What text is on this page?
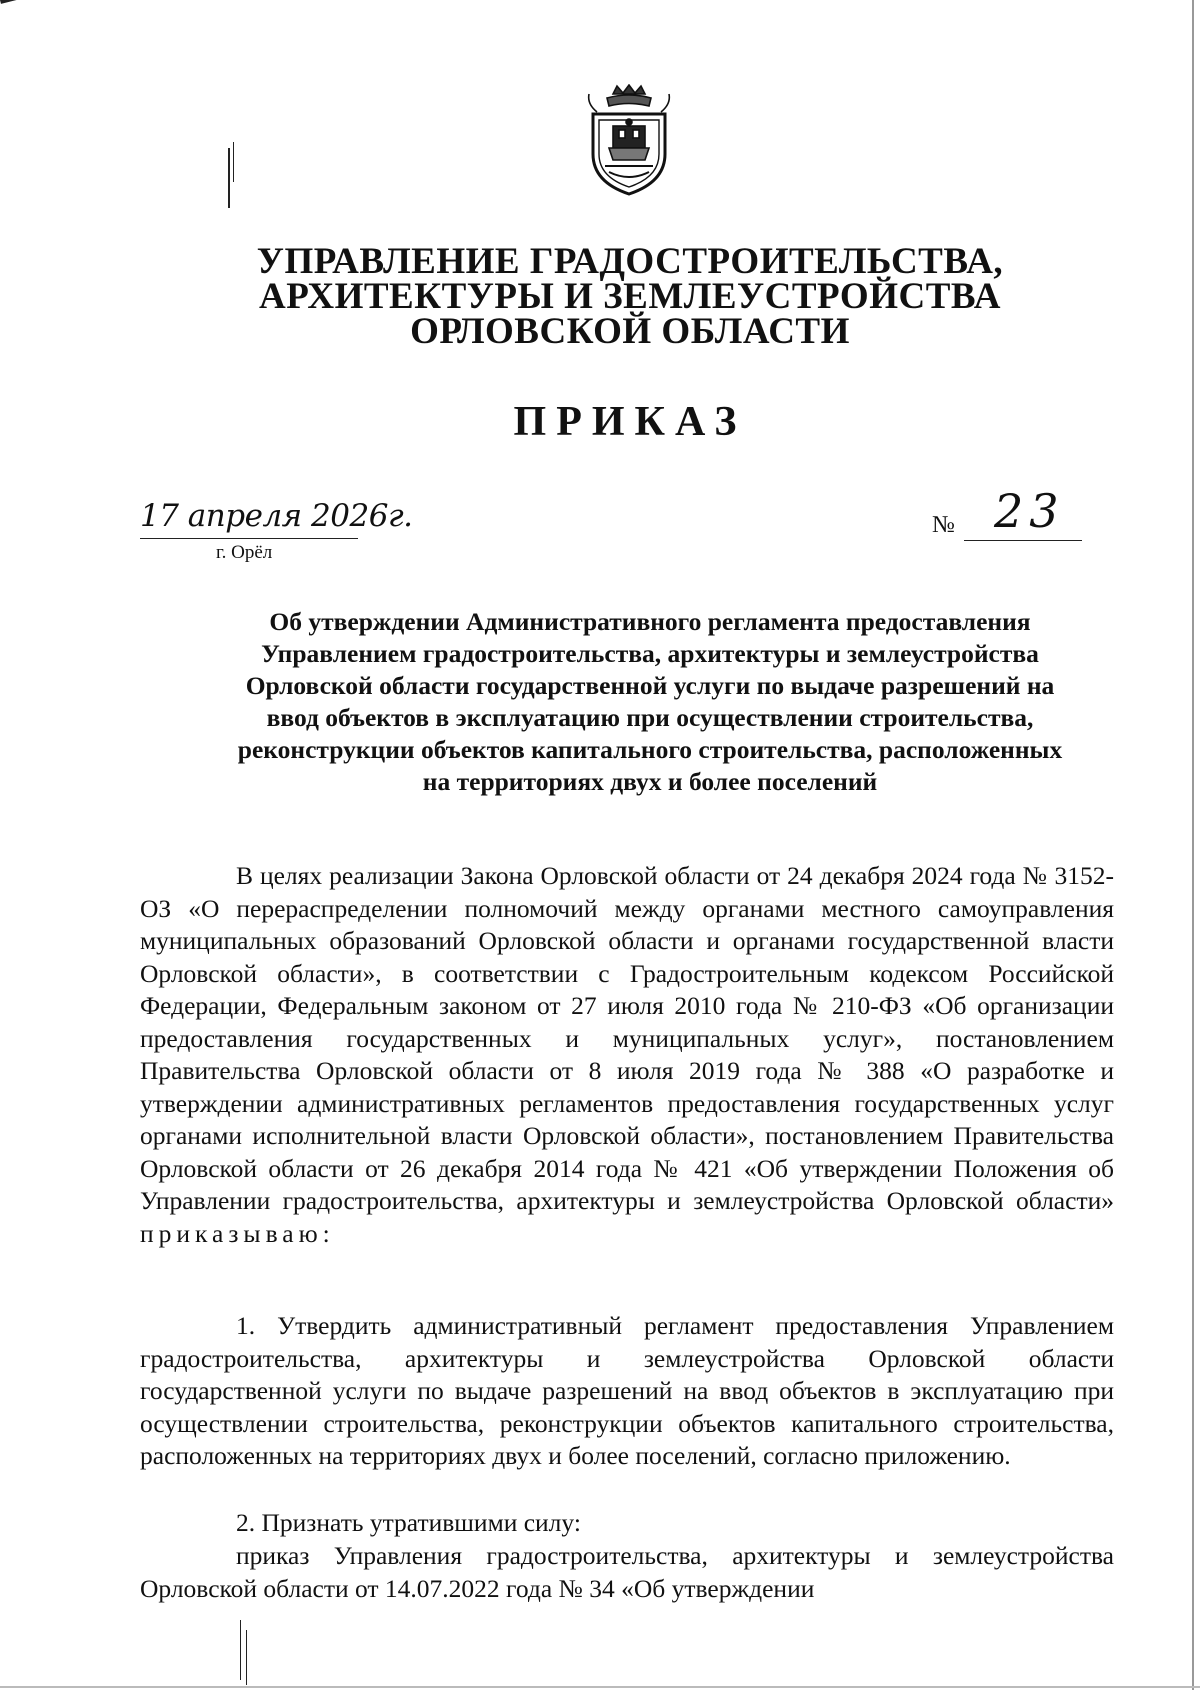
УПРАВЛЕНИЕ ГРАДОСТРОИТЕЛЬСТВА,
АРХИТЕКТУРЫ И ЗЕМЛЕУСТРОЙСТВА
ОРЛОВСКОЙ ОБЛАСТИ
ПРИКАЗ
17 апреля 2026г.
г. Орёл
№ 23
Об утверждении Административного регламента предоставления
Управлением градостроительства, архитектуры и землеустройства
Орловской области государственной услуги по выдаче разрешений на
ввод объектов в эксплуатацию при осуществлении строительства,
реконструкции объектов капитального строительства, расположенных
на территориях двух и более поселений
В целях реализации Закона Орловской области от 24 декабря 2024 года № 3152-ОЗ «О перераспределении полномочий между органами местного самоуправления муниципальных образований Орловской области и органами государственной власти Орловской области», в соответствии с Градостроительным кодексом Российской Федерации, Федеральным законом от 27 июля 2010 года № 210-ФЗ «Об организации предоставления государственных и муниципальных услуг», постановлением Правительства Орловской области от 8 июля 2019 года № 388 «О разработке и утверждении административных регламентов предоставления государственных услуг органами исполнительной власти Орловской области», постановлением Правительства Орловской области от 26 декабря 2014 года № 421 «Об утверждении Положения об Управлении градостроительства, архитектуры и землеустройства Орловской области» приказываю:
1. Утвердить административный регламент предоставления Управлением градостроительства, архитектуры и землеустройства Орловской области государственной услуги по выдаче разрешений на ввод объектов в эксплуатацию при осуществлении строительства, реконструкции объектов капитального строительства, расположенных на территориях двух и более поселений, согласно приложению.
2. Признать утратившими силу:
приказ Управления градостроительства, архитектуры и землеустройства Орловской области от 14.07.2022 года № 34 «Об утверждении
